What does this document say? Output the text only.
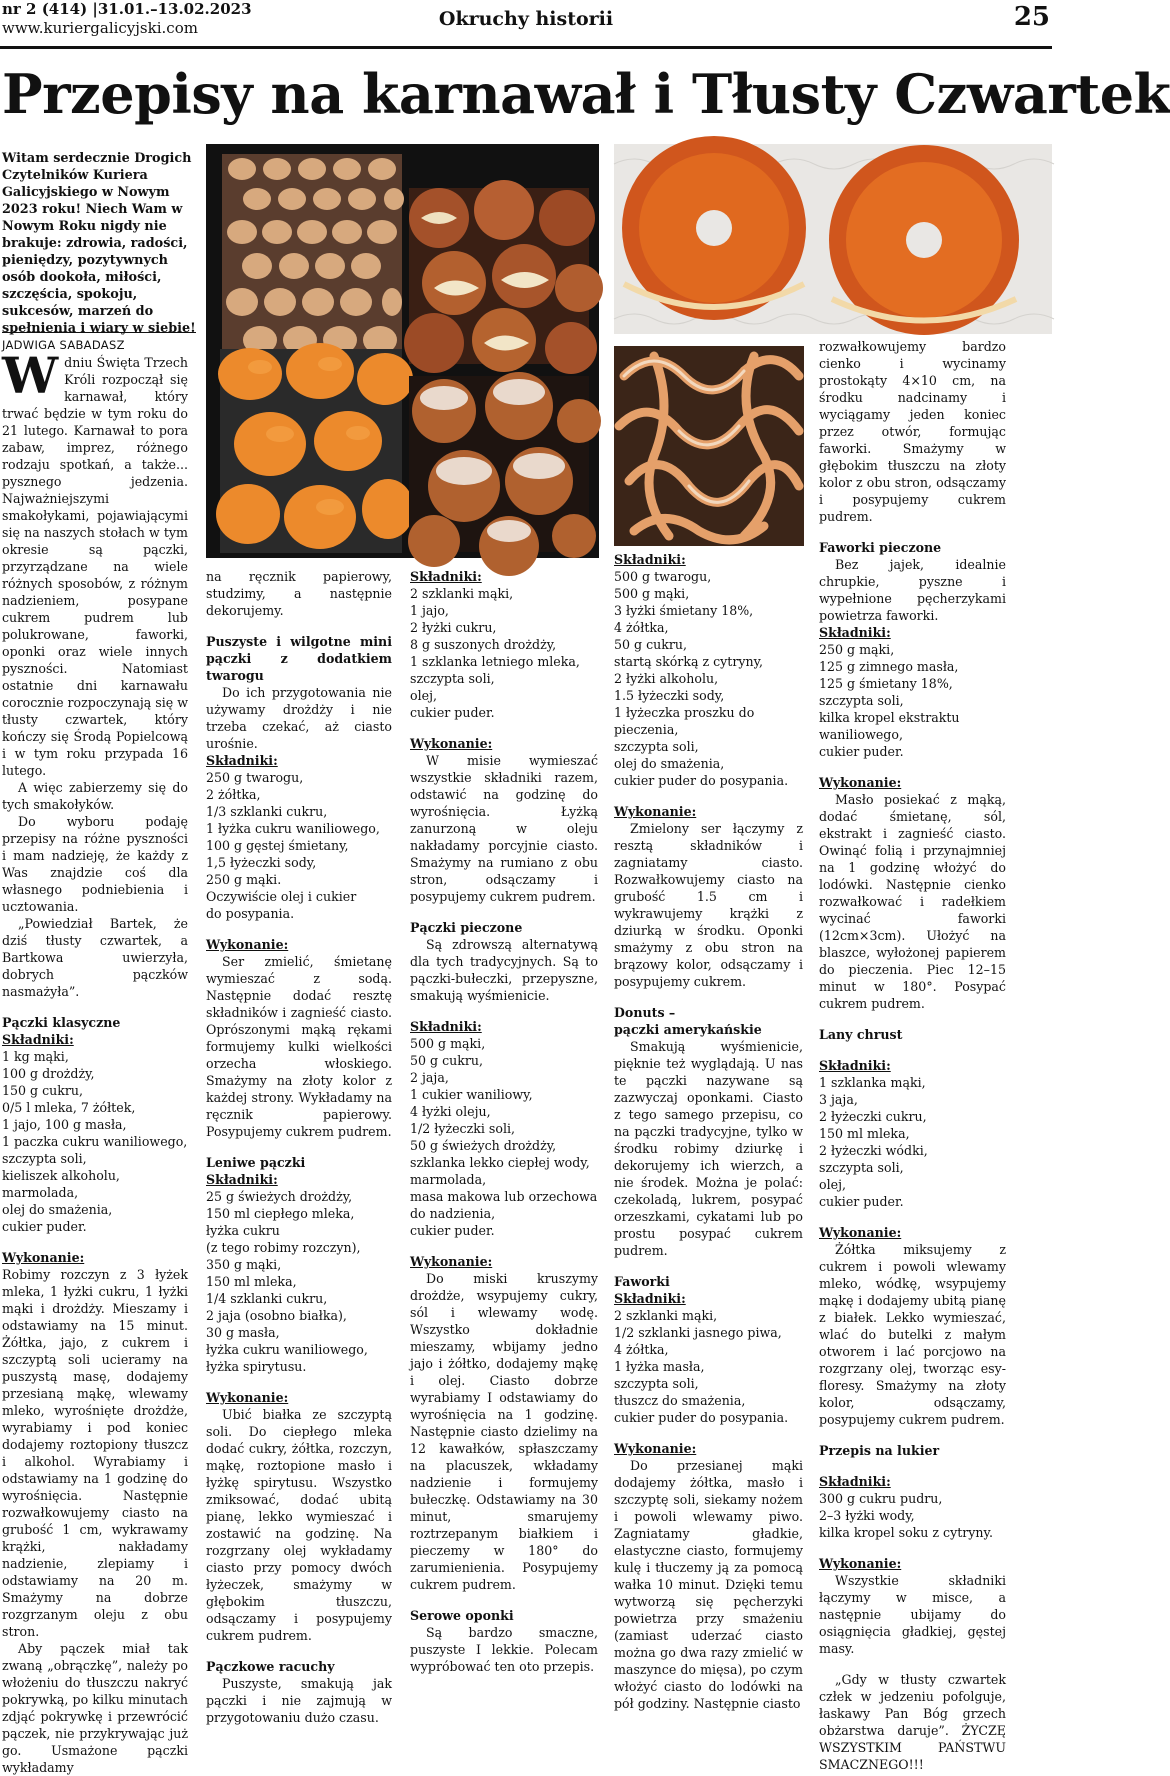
nr 2 (414) |31.01.–13.02.2023
www.kuriergalicyjski.com	Okruchy historii	25
Przepisy na karnawał i Tłusty Czwartek
Witam serdecznie Drogich Czytelników Kuriera Galicyjskiego w Nowym 2023 roku! Niech Wam w Nowym Roku nigdy nie brakuje: zdrowia, radości, pieniędzy, pozytywnych osób dookoła, miłości, szczęścia, spokoju, sukcesów, marzeń do spełnienia i wiary w siebie!
JADWIGA SABADASZ
W dniu Święta Trzech Króli rozpoczął się karnawał, który trwać będzie w tym roku do 21 lutego. Karnawał to pora zabaw, imprez, różnego rodzaju spotkań, a także... pysznego jedzenia. Najważniejszymi smakołykami, pojawiającymi się na naszych stołach w tym okresie są pączki, przyrządzane na wiele różnych sposobów, z różnym nadzieniem, posypane cukrem pudrem lub polukrowane, faworki, oponki oraz wiele innych pyszności. Natomiast ostatnie dni karnawału corocznie rozpoczynają się w tłusty czwartek, który kończy się Środą Popielcową i w tym roku przypada 16 lutego.

A więc zabierzemy się do tych smakołyków.

Do wyboru podaję przepisy na różne pyszności i mam nadzieję, że każdy z Was znajdzie coś dla własnego podniebienia i ucztowania.

„Powiedział Bartek, że dziś tłusty czwartek, a Bartkowa uwierzyła, dobrych pączków nasmażyła”.

Pączki klasyczne
Składniki:
1 kg mąki,
100 g drożdży,
150 g cukru,
0/5 l mleka, 7 żółtek,
1 jajo, 100 g masła,
1 paczka cukru waniliowego,
szczypta soli,
kieliszek alkoholu,
marmolada,
olej do smażenia,
cukier puder.
Wykonanie:

Robimy rozczyn z 3 łyżek mleka, 1 łyżki cukru, 1 łyżki mąki i drożdży. Mieszamy i odstawiamy na 15 minut. Żółtka, jajo, z cukrem i szczyptą soli ucieramy na puszystą masę, dodajemy przesianą mąkę, wlewamy mleko, wyrośnięte drożdże, wyrabiamy i pod koniec dodajemy roztopiony tłuszcz i alkohol. Wyrabiamy i odstawiamy na 1 godzinę do wyrośnięcia. Następnie rozwałkowujemy ciasto na grubość 1 cm, wykrawamy krążki, nakładamy nadzienie, zlepiamy i odstawiamy na 20 m. Smażymy na dobrze rozgrzanym oleju z obu stron.

Aby pączek miał tak zwaną „obrączkę”, należy po włożeniu do tłuszczu nakryć pokrywką, po kilku minutach zdjąć pokrywkę i przewrócić pączek, nie przykrywając już go. Usmażone pączki wykładamy

na ręcznik papierowy, studzimy, a następnie dekorujemy.

Puszyste i wilgotne mini pączki z dodatkiem twarogu

Do ich przygotowania nie używamy drożdży i nie trzeba czekać, aż ciasto urośnie.

Składniki:
250 g twarogu,
2 żółtka,
1/3 szklanki cukru,
1 łyżka cukru waniliowego,
100 g gęstej śmietany,
1,5 łyżeczki sody,
250 g mąki.
Oczywiście olej i cukier
do posypania.
Wykonanie:

Ser zmielić, śmietanę wymieszać z sodą. Następnie dodać resztę składników i zagnieść ciasto. Oprószonymi mąką rękami formujemy kulki wielkości orzecha włoskiego. Smażymy na złoty kolor z każdej strony. Wykładamy na ręcznik papierowy. Posypujemy cukrem pudrem.

Leniwe pączki
Składniki:
25 g świeżych drożdży,
150 ml ciepłego mleka,
łyżka cukru
(z tego robimy rozczyn),
350 g mąki,
150 ml mleka,
1/4 szklanki cukru,
2 jaja (osobno białka),
30 g masła,
łyżka cukru waniliowego,
łyżka spirytusu.
Wykonanie:

Ubić białka ze szczyptą soli. Do ciepłego mleka dodać cukry, żółtka, rozczyn, mąkę, roztopione masło i łyżkę spirytusu. Wszystko zmiksować, dodać ubitą pianę, lekko wymieszać i zostawić na godzinę. Na rozgrzany olej wykładamy ciasto przy pomocy dwóch łyżeczek, smażymy w głębokim tłuszczu, odsączamy i posypujemy cukrem pudrem.

Pączkowe racuchy

Puszyste, smakują jak pączki i nie zajmują w przygotowaniu dużo czasu.

Składniki:
2 szklanki mąki,
1 jajo,
2 łyżki cukru,
8 g suszonych drożdży,
1 szklanka letniego mleka,
szczypta soli,
olej,
cukier puder.
Wykonanie:

W misie wymieszać wszystkie składniki razem, odstawić na godzinę do wyrośnięcia. Łyżką zanurzoną w oleju nakładamy porcyjnie ciasto. Smażymy na rumiano z obu stron, odsączamy i posypujemy cukrem pudrem.

Pączki pieczone

Są zdrowszą alternatywą dla tych tradycyjnych. Są to pączki-bułeczki, przepyszne, smakują wyśmienicie.

Składniki:
500 g mąki,
50 g cukru,
2 jaja,
1 cukier waniliowy,
4 łyżki oleju,
1/2 łyżeczki soli,
50 g świeżych drożdży,
szklanka lekko ciepłej wody,
marmolada,
masa makowa lub orzechowa
do nadzienia,
cukier puder.
Wykonanie:

Do miski kruszymy drożdże, wsypujemy cukry, sól i wlewamy wodę. Wszystko dokładnie mieszamy, wbijamy jedno jajo i żółtko, dodajemy mąkę i olej. Ciasto dobrze wyrabiamy I odstawiamy do wyrośnięcia na 1 godzinę. Następnie ciasto dzielimy na 12 kawałków, spłaszczamy na placuszek, wkładamy nadzienie i formujemy bułeczkę. Odstawiamy na 30 minut, smarujemy roztrzepanym białkiem i pieczemy w 180° do zarumienienia. Posypujemy cukrem pudrem.

Serowe oponki

Są bardzo smaczne, puszyste I lekkie. Polecam wypróbować ten oto przepis.

Składniki:
500 g twarogu,
500 g mąki,
3 łyżki śmietany 18%,
4 żółtka,
50 g cukru,
startą skórką z cytryny,
2 łyżki alkoholu,
1.5 łyżeczki sody,
1 łyżeczka proszku do pieczenia,
szczypta soli,
olej do smażenia,
cukier puder do posypania.
Wykonanie:

Zmielony ser łączymy z resztą składników i zagniatamy ciasto. Rozwałkowujemy ciasto na grubość 1.5 cm i wykrawujemy krążki z dziurką w środku. Oponki smażymy z obu stron na brązowy kolor, odsączamy i posypujemy cukrem.

Donuts –
pączki amerykańskie

Smakują wyśmienicie, pięknie też wyglądają. U nas te pączki nazywane są zazwyczaj oponkami. Ciasto z tego samego przepisu, co na pączki tradycyjne, tylko w środku robimy dziurkę i dekorujemy ich wierzch, a nie środek. Można je polać: czekoladą, lukrem, posypać orzeszkami, cykatami lub po prostu posypać cukrem pudrem.

Faworki
Składniki:
2 szklanki mąki,
1/2 szklanki jasnego piwa,
4 żółtka,
1 łyżka masła,
szczypta soli,
tłuszcz do smażenia,
cukier puder do posypania.
Wykonanie:

Do przesianej mąki dodajemy żółtka, masło i szczyptę soli, siekamy nożem i powoli wlewamy piwo. Zagniatamy gładkie, elastyczne ciasto, formujemy kulę i tłuczemy ją za pomocą wałka 10 minut. Dzięki temu wytworzą się pęcherzyki powietrza przy smażeniu (zamiast uderzać ciasto można go dwa razy zmielić w maszynce do mięsa), po czym włożyć ciasto do lodówki na pół godziny. Następnie ciasto

rozwałkowujemy bardzo cienko i wycinamy prostokąty 4×10 cm, na środku nadcinamy i wyciągamy jeden koniec przez otwór, formując faworki. Smażymy w głębokim tłuszczu na złoty kolor z obu stron, odsączamy i posypujemy cukrem pudrem.

Faworki pieczone

Bez jajek, idealnie chrupkie, pyszne i wypełnione pęcherzykami powietrza faworki.

Składniki:
250 g mąki,
125 g zimnego masła,
125 g śmietany 18%,
szczypta soli,
kilka kropel ekstraktu
waniliowego,
cukier puder.
Wykonanie:

Masło posiekać z mąką, dodać śmietanę, sól, ekstrakt i zagnieść ciasto. Owinąć folią i przynajmniej na 1 godzinę włożyć do lodówki. Następnie cienko rozwałkować i radełkiem wycinać faworki (12cm×3cm). Ułożyć na blaszce, wyłożonej papierem do pieczenia. Piec 12–15 minut w 180°. Posypać cukrem pudrem.

Lany chrust
Składniki:
1 szklanka mąki,
3 jaja,
2 łyżeczki cukru,
150 ml mleka,
2 łyżeczki wódki,
szczypta soli,
olej,
cukier puder.
Wykonanie:

Żółtka miksujemy z cukrem i powoli wlewamy mleko, wódkę, wsypujemy mąkę i dodajemy ubitą pianę z białek. Lekko wymieszać, wlać do butelki z małym otworem i lać porcjowo na rozgrzany olej, tworząc esy-floresy. Smażymy na złoty kolor, odsączamy, posypujemy cukrem pudrem.

Przepis na lukier
Składniki:
300 g cukru pudru,
2–3 łyżki wody,
kilka kropel soku z cytryny.
Wykonanie:

Wszystkie składniki łączymy w misce, a następnie ubijamy do osiągnięcia gładkiej, gęstej masy.

„Gdy w tłusty czwartek człek w jedzeniu pofolguje, łaskawy Pan Bóg grzech obżarstwa daruje”. ŻYCZĘ WSZYSTKIM PAŃSTWU SMACZNEGO!!!
